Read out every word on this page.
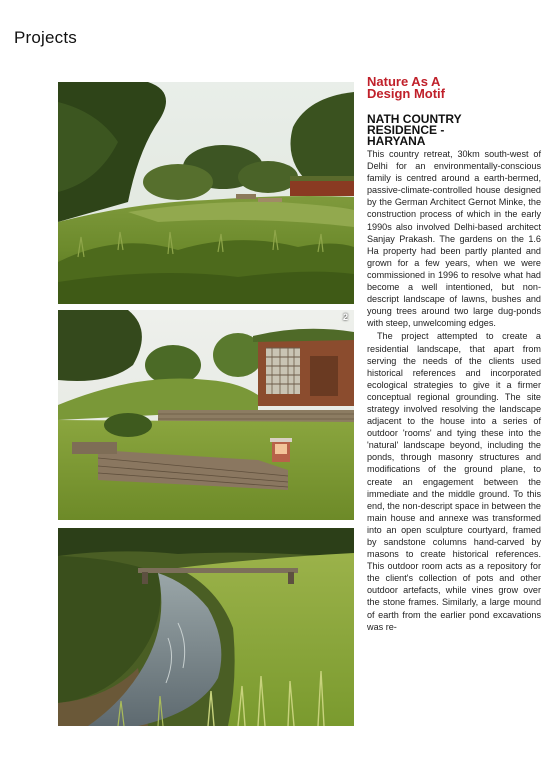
Projects
2
Nature As A
Design Motif
NATH COUNTRY
RESIDENCE -
HARYANA

This country retreat, 30km south-west of Delhi for an environmentally-conscious family is centred around a earth-bermed, passive-climate-controlled house designed by the German Architect Gernot Minke, the construction process of which in the early 1990s also involved Delhi-based architect Sanjay Prakash. The gardens on the 1.6 Ha property had been partly planted and grown for a few years, when we were commissioned in 1996 to resolve what had become a well intentioned, but non-descript landscape of lawns, bushes and young trees around two large dug-ponds with steep, unwelcoming edges.

The project attempted to create a residential landscape, that apart from serving the needs of the clients used historical references and incorporated ecological strategies to give it a firmer conceptual regional grounding. The site strategy involved resolving the landscape adjacent to the house into a series of outdoor 'rooms' and tying these into the 'natural' landscape beyond, including the ponds, through masonry structures and modifications of the ground plane, to create an engagement between the immediate and the middle ground. To this end, the non-descript space in between the main house and annexe was transformed into an open sculpture courtyard, framed by sandstone columns hand-carved by masons to create historical references. This outdoor room acts as a repository for the client's collection of pots and other outdoor artefacts, while vines grow over the stone frames. Similarly, a large mound of earth from the earlier pond excavations was re-
